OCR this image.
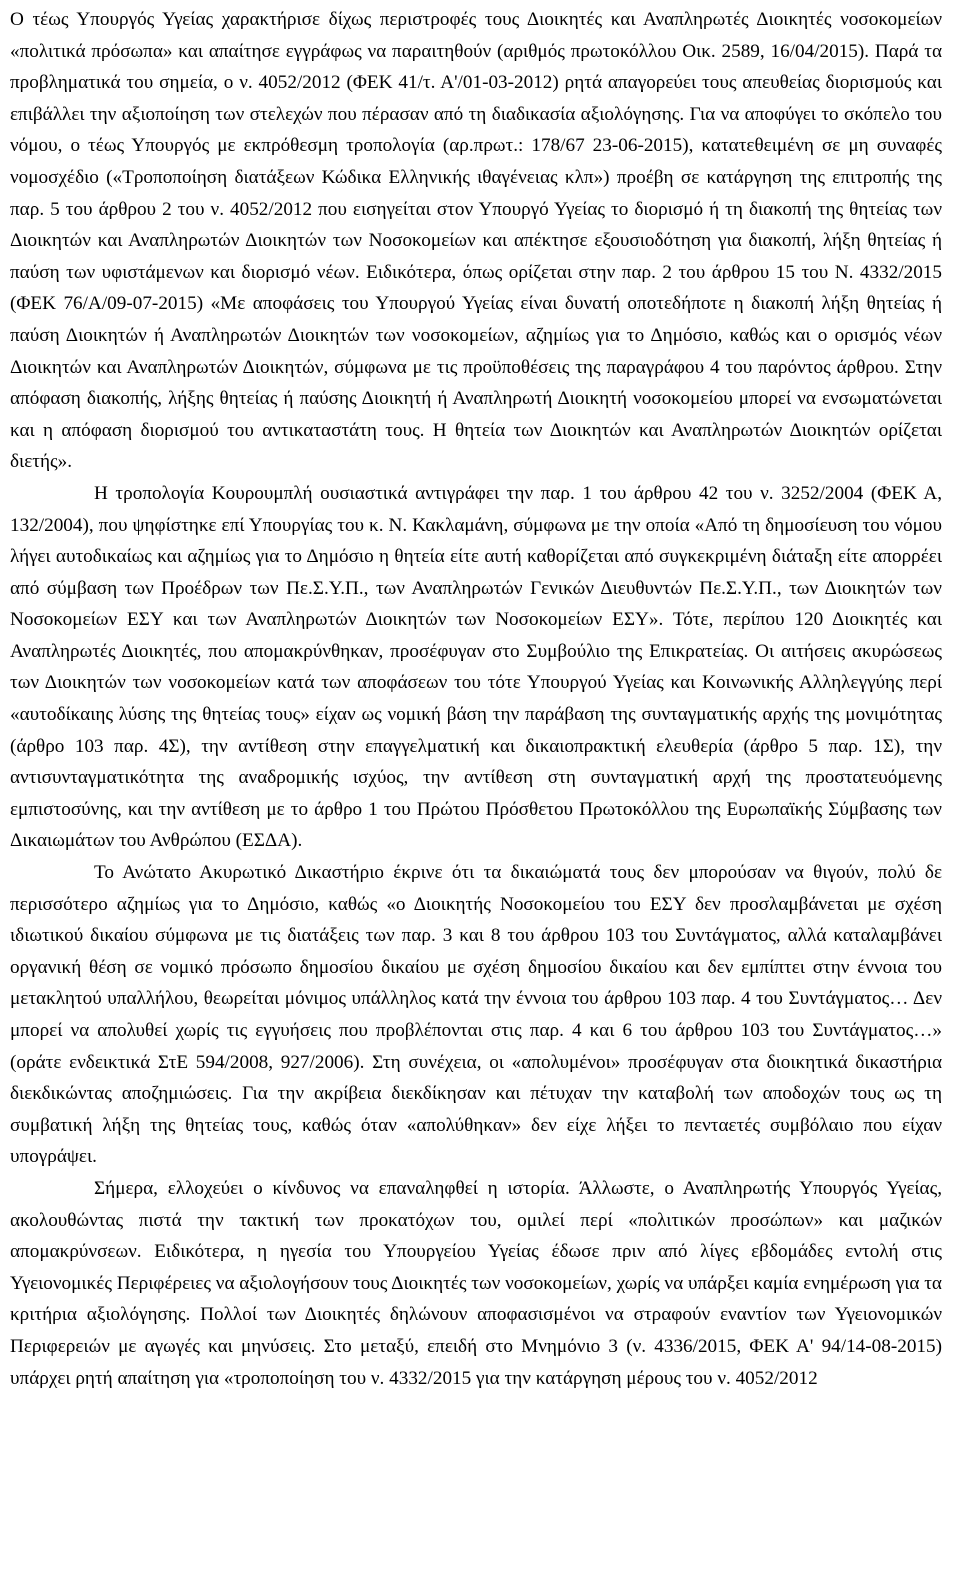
Ο τέως Υπουργός Υγείας χαρακτήρισε δίχως περιστροφές τους Διοικητές και Αναπληρωτές Διοικητές νοσοκομείων «πολιτικά πρόσωπα» και απαίτησε εγγράφως να παραιτηθούν (αριθμός πρωτοκόλλου Οικ. 2589, 16/04/2015). Παρά τα προβληματικά του σημεία, ο ν. 4052/2012 (ΦΕΚ 41/τ. Α'/01-03-2012) ρητά απαγορεύει τους απευθείας διορισμούς και επιβάλλει την αξιοποίηση των στελεχών που πέρασαν από τη διαδικασία αξιολόγησης. Για να αποφύγει το σκόπελο του νόμου, ο τέως Υπουργός με εκπρόθεσμη τροπολογία (αρ.πρωτ.: 178/67 23-06-2015), κατατεθειμένη σε μη συναφές νομοσχέδιο («Τροποποίηση διατάξεων Κώδικα Ελληνικής ιθαγένειας κλπ») προέβη σε κατάργηση της επιτροπής της παρ. 5 του άρθρου 2 του ν. 4052/2012 που εισηγείται στον Υπουργό Υγείας το διορισμό ή τη διακοπή της θητείας των Διοικητών και Αναπληρωτών Διοικητών των Νοσοκομείων και απέκτησε εξουσιοδότηση για διακοπή, λήξη θητείας ή παύση των υφιστάμενων και διορισμό νέων. Ειδικότερα, όπως ορίζεται στην παρ. 2 του άρθρου 15 του Ν. 4332/2015 (ΦΕΚ 76/Α/09-07-2015) «Με αποφάσεις του Υπουργού Υγείας είναι δυνατή οποτεδήποτε η διακοπή λήξη θητείας ή παύση Διοικητών ή Αναπληρωτών Διοικητών των νοσοκομείων, αζημίως για το Δημόσιο, καθώς και ο ορισμός νέων Διοικητών και Αναπληρωτών Διοικητών, σύμφωνα με τις προϋποθέσεις της παραγράφου 4 του παρόντος άρθρου. Στην απόφαση διακοπής, λήξης θητείας ή παύσης Διοικητή ή Αναπληρωτή Διοικητή νοσοκομείου μπορεί να ενσωματώνεται και η απόφαση διορισμού του αντικαταστάτη τους. Η θητεία των Διοικητών και Αναπληρωτών Διοικητών ορίζεται διετής».

Η τροπολογία Κουρουμπλή ουσιαστικά αντιγράφει την παρ. 1 του άρθρου 42 του ν. 3252/2004 (ΦΕΚ Α, 132/2004), που ψηφίστηκε επί Υπουργίας του κ. Ν. Κακλαμάνη, σύμφωνα με την οποία «Από τη δημοσίευση του νόμου λήγει αυτοδικαίως και αζημίως για το Δημόσιο η θητεία είτε αυτή καθορίζεται από συγκεκριμένη διάταξη είτε απορρέει από σύμβαση των Προέδρων των Πε.Σ.Υ.Π., των Αναπληρωτών Γενικών Διευθυντών Πε.Σ.Υ.Π., των Διοικητών των Νοσοκομείων ΕΣΥ και των Αναπληρωτών Διοικητών των Νοσοκομείων ΕΣΥ». Τότε, περίπου 120 Διοικητές και Αναπληρωτές Διοικητές, που απομακρύνθηκαν, προσέφυγαν στο Συμβούλιο της Επικρατείας. Οι αιτήσεις ακυρώσεως των Διοικητών των νοσοκομείων κατά των αποφάσεων του τότε Υπουργού Υγείας και Κοινωνικής Αλληλεγγύης περί «αυτοδίκαιης λύσης της θητείας τους» είχαν ως νομική βάση την παράβαση της συνταγματικής αρχής της μονιμότητας (άρθρο 103 παρ. 4Σ), την αντίθεση στην επαγγελματική και δικαιοπρακτική ελευθερία (άρθρο 5 παρ. 1Σ), την αντισυνταγματικότητα της αναδρομικής ισχύος, την αντίθεση στη συνταγματική αρχή της προστατευόμενης εμπιστοσύνης, και την αντίθεση με το άρθρο 1 του Πρώτου Πρόσθετου Πρωτοκόλλου της Ευρωπαϊκής Σύμβασης των Δικαιωμάτων του Ανθρώπου (ΕΣΔΑ).

Το Ανώτατο Ακυρωτικό Δικαστήριο έκρινε ότι τα δικαιώματά τους δεν μπορούσαν να θιγούν, πολύ δε περισσότερο αζημίως για το Δημόσιο, καθώς «ο Διοικητής Νοσοκομείου του ΕΣΥ δεν προσλαμβάνεται με σχέση ιδιωτικού δικαίου σύμφωνα με τις διατάξεις των παρ. 3 και 8 του άρθρου 103 του Συντάγματος, αλλά καταλαμβάνει οργανική θέση σε νομικό πρόσωπο δημοσίου δικαίου με σχέση δημοσίου δικαίου και δεν εμπίπτει στην έννοια του μετακλητού υπαλλήλου, θεωρείται μόνιμος υπάλληλος κατά την έννοια του άρθρου 103 παρ. 4 του Συντάγματος… Δεν μπορεί να απολυθεί χωρίς τις εγγυήσεις που προβλέπονται στις παρ. 4 και 6 του άρθρου 103 του Συντάγματος…» (οράτε ενδεικτικά ΣτΕ 594/2008, 927/2006). Στη συνέχεια, οι «απολυμένοι» προσέφυγαν στα διοικητικά δικαστήρια διεκδικώντας αποζημιώσεις. Για την ακρίβεια διεκδίκησαν και πέτυχαν την καταβολή των αποδοχών τους ως τη συμβατική λήξη της θητείας τους, καθώς όταν «απολύθηκαν» δεν είχε λήξει το πενταετές συμβόλαιο που είχαν υπογράψει.

Σήμερα, ελλοχεύει ο κίνδυνος να επαναληφθεί η ιστορία. Άλλωστε, ο Αναπληρωτής Υπουργός Υγείας, ακολουθώντας πιστά την τακτική των προκατόχων του, ομιλεί περί «πολιτικών προσώπων» και μαζικών απομακρύνσεων. Ειδικότερα, η ηγεσία του Υπουργείου Υγείας έδωσε πριν από λίγες εβδομάδες εντολή στις Υγειονομικές Περιφέρειες να αξιολογήσουν τους Διοικητές των νοσοκομείων, χωρίς να υπάρξει καμία ενημέρωση για τα κριτήρια αξιολόγησης. Πολλοί των Διοικητές δηλώνουν αποφασισμένοι να στραφούν εναντίον των Υγειονομικών Περιφερειών με αγωγές και μηνύσεις. Στο μεταξύ, επειδή στο Μνημόνιο 3 (ν. 4336/2015, ΦΕΚ Α' 94/14-08-2015) υπάρχει ρητή απαίτηση για «τροποποίηση του ν. 4332/2015 για την κατάργηση μέρους του ν. 4052/2012
